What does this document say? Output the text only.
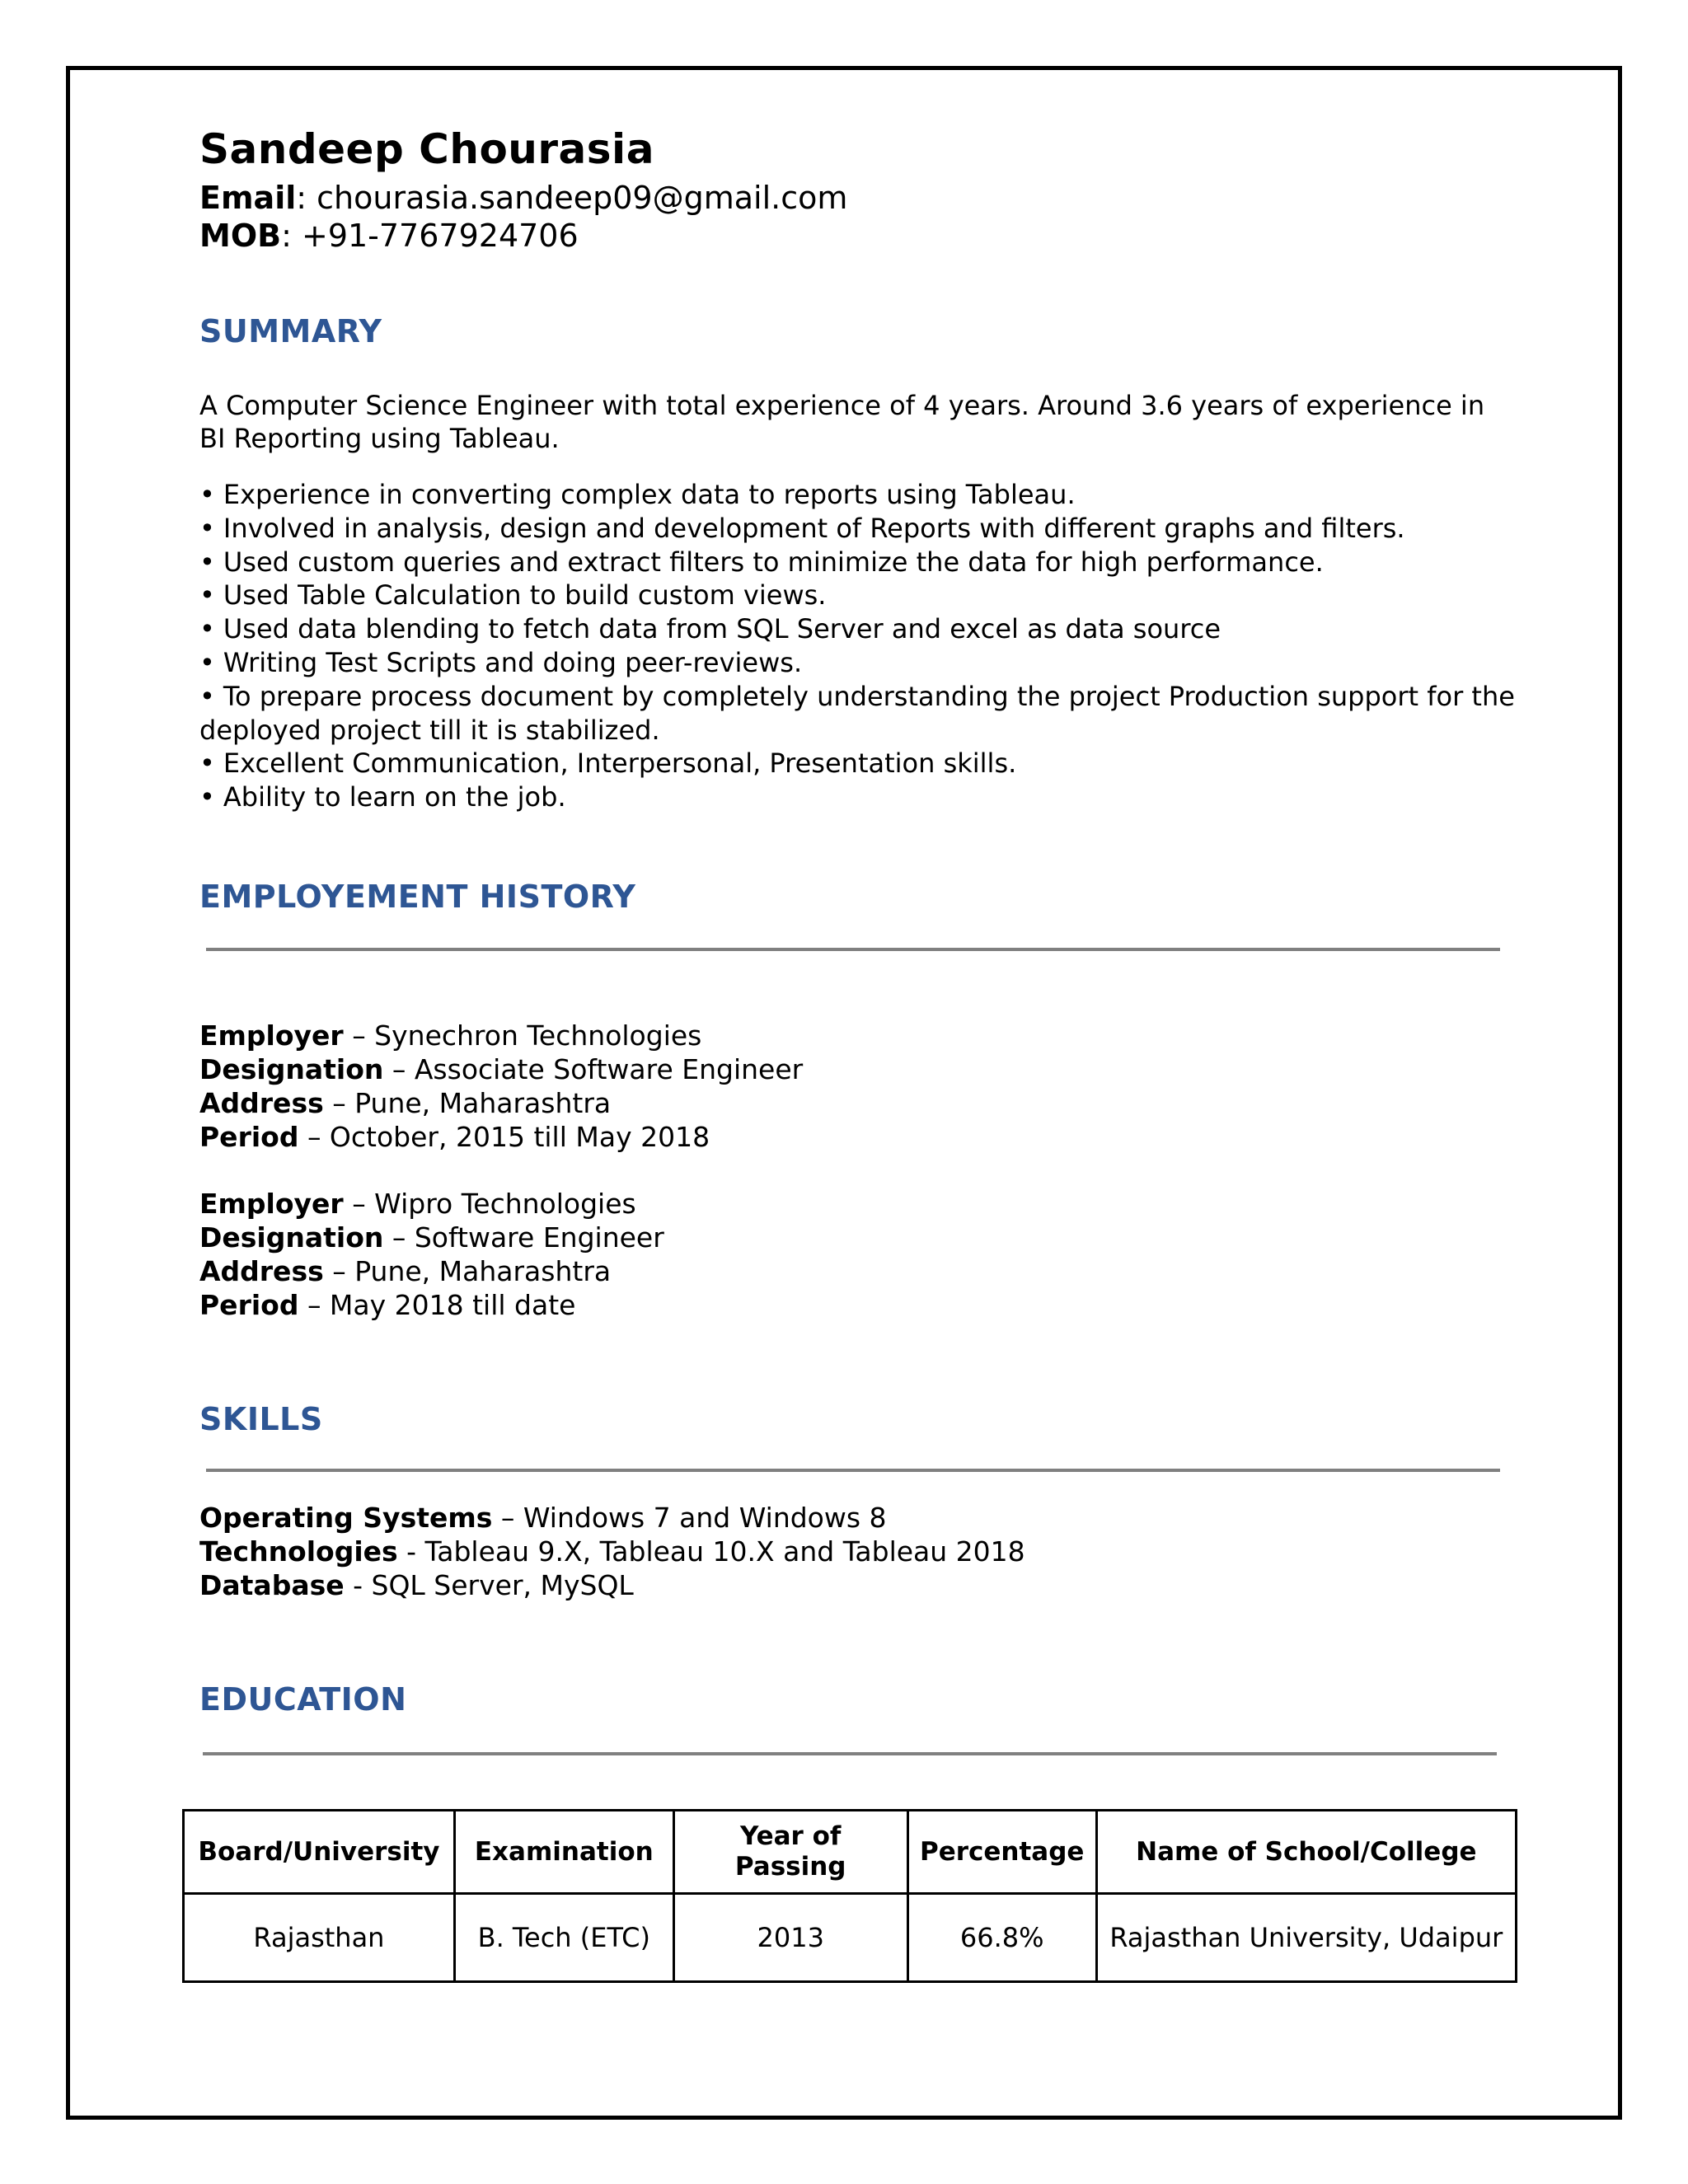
Sandeep Chourasia

Email: chourasia.sandeep09@gmail.com

MOB: +91-7767924706

SUMMARY

A Computer Science Engineer with total experience of 4 years. Around 3.6 years of experience in BI Reporting using Tableau.

• Experience in converting complex data to reports using Tableau.
• Involved in analysis, design and development of Reports with different graphs and filters.
• Used custom queries and extract filters to minimize the data for high performance.
• Used Table Calculation to build custom views.
• Used data blending to fetch data from SQL Server and excel as data source
• Writing Test Scripts and doing peer-reviews.
• To prepare process document by completely understanding the project Production support for the deployed project till it is stabilized.
• Excellent Communication, Interpersonal, Presentation skills.
• Ability to learn on the job.

EMPLOYEMENT HISTORY

Employer – Synechron Technologies
Designation – Associate Software Engineer
Address – Pune, Maharashtra
Period – October, 2015 till May 2018
Employer – Wipro Technologies
Designation – Software Engineer
Address – Pune, Maharashtra
Period – May 2018 till date

SKILLS

Operating Systems – Windows 7 and Windows 8
Technologies - Tableau 9.X, Tableau 10.X and Tableau 2018
Database - SQL Server, MySQL

EDUCATION

Board/University	Examination	Year of Passing	Percentage	Name of School/College
Rajasthan	B. Tech (ETC)	2013	66.8%	Rajasthan University, Udaipur
